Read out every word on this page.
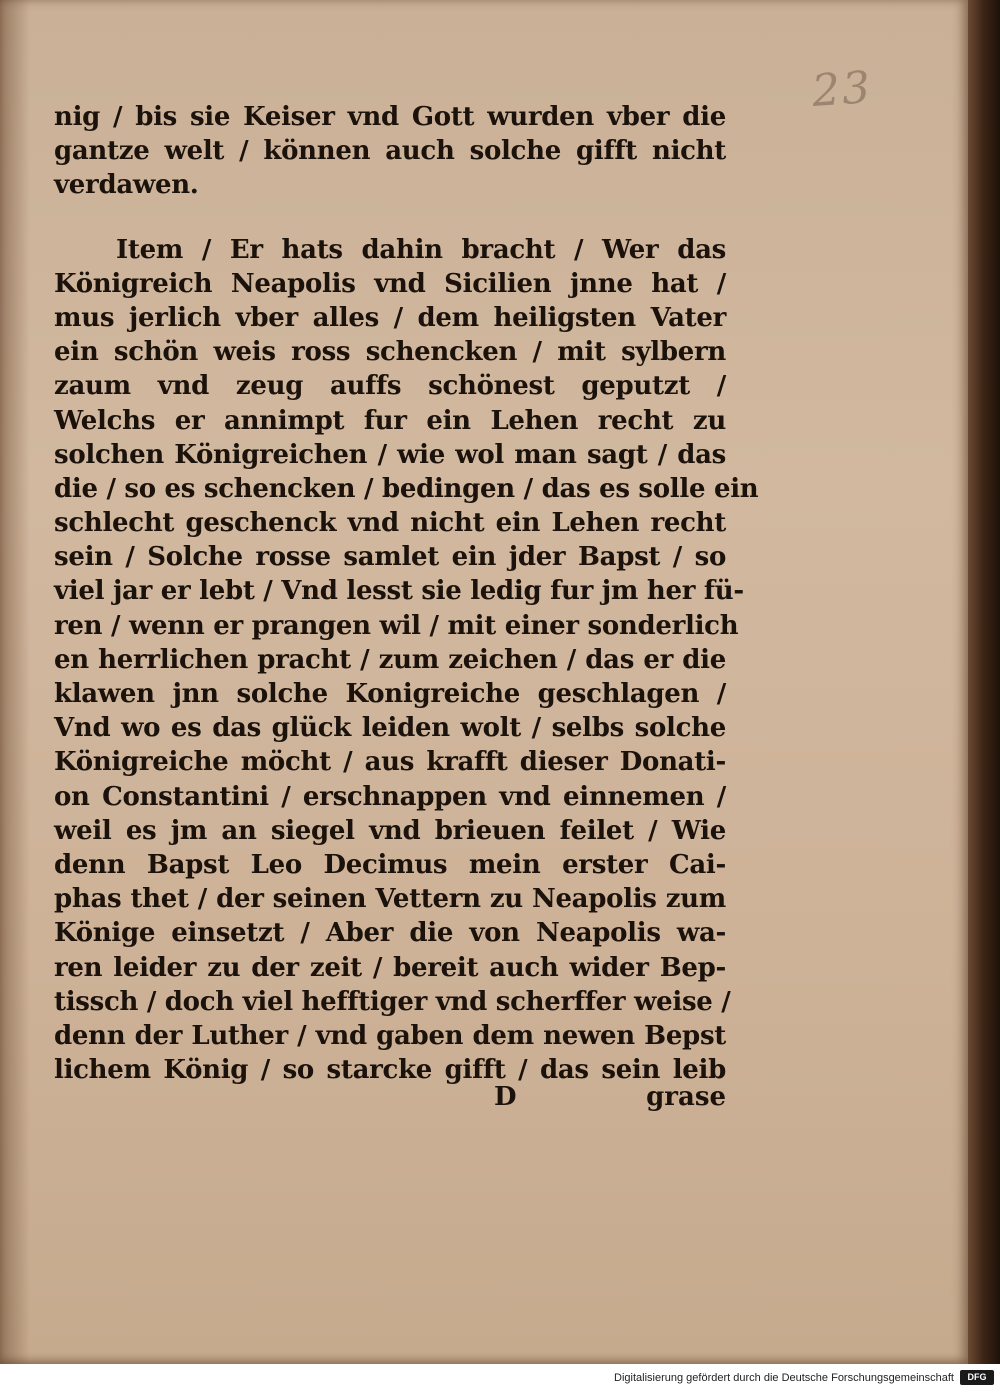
23
nig / bis sie Keiser vnd Gott wurden vber die
gantze welt / können auch solche gifft nicht
verdawen.
Item / Er hats dahin bracht / Wer das
Königreich Neapolis vnd Sicilien jnne hat /
mus jerlich vber alles / dem heiligsten Vater
ein schön weis ross schencken / mit sylbern
zaum vnd zeug auffs schönest geputzt /
Welchs er annimpt fur ein Lehen recht zu
solchen Königreichen / wie wol man sagt / das
die / so es schencken / bedingen / das es solle ein
schlecht geschenck vnd nicht ein Lehen recht
sein / Solche rosse samlet ein jder Bapst / so
viel jar er lebt / Vnd lesst sie ledig fur jm her fü-
ren / wenn er prangen wil / mit einer sonderlich
en herrlichen pracht / zum zeichen / das er die
klawen jnn solche Konigreiche geschlagen /
Vnd wo es das glück leiden wolt / selbs solche
Königreiche möcht / aus krafft dieser Donati-
on Constantini / erschnappen vnd einnemen /
weil es jm an siegel vnd brieuen feilet / Wie
denn Bapst Leo Decimus mein erster Cai-
phas thet / der seinen Vettern zu Neapolis zum
Könige einsetzt / Aber die von Neapolis wa-
ren leider zu der zeit / bereit auch wider Bep-
tissch / doch viel hefftiger vnd scherffer weise /
denn der Luther / vnd gaben dem newen Bepst
lichem König / so starcke gifft / das sein leib
D	grase
Digitalisierung gefördert durch die Deutsche Forschungsgemeinschaft	DFG
